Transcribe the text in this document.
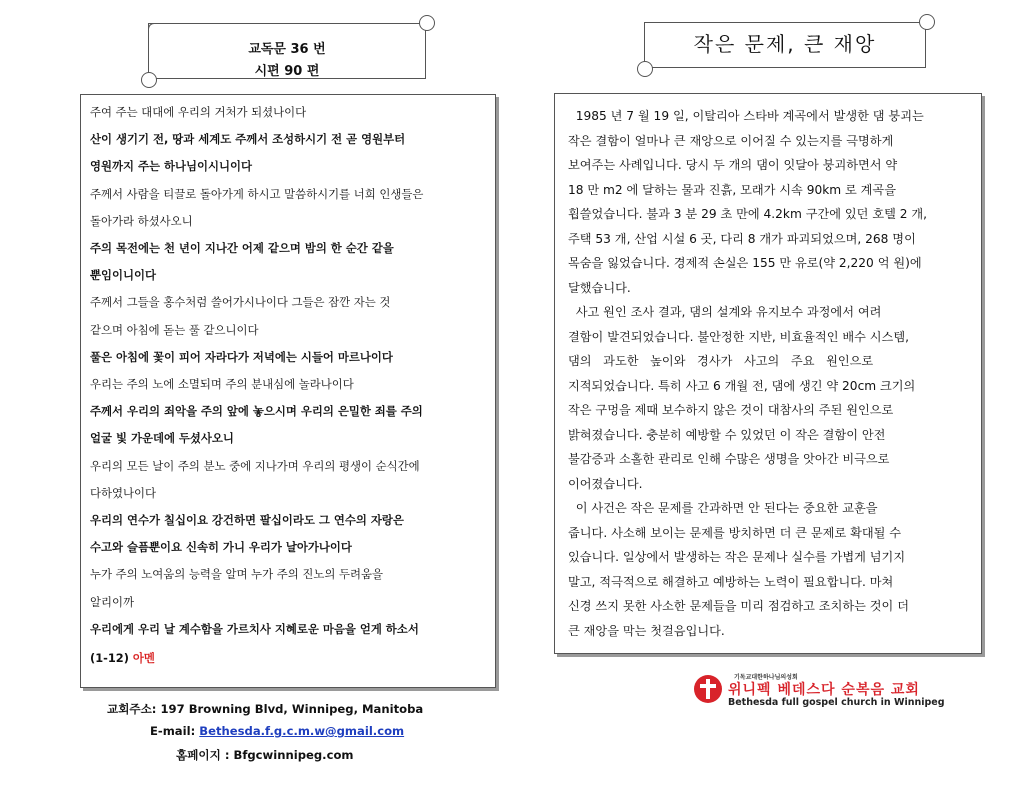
교독문 36 번
시편 90 편
작은 문제, 큰 재앙
주여 주는 대대에 우리의 거처가 되셨나이다
산이 생기기 전, 땅과 세계도 주께서 조성하시기 전 곧 영원부터
영원까지 주는 하나님이시니이다
주께서 사람을 티끌로 돌아가게 하시고 말씀하시기를 너희 인생들은
돌아가라 하셨사오니
주의 목전에는 천 년이 지나간 어제 같으며 밤의 한 순간 같을
뿐임이니이다
주께서 그들을 홍수처럼 쓸어가시나이다 그들은 잠깐 자는 것
같으며 아침에 돋는 풀 같으니이다
풀은 아침에 꽃이 피어 자라다가 저녁에는 시들어 마르나이다
우리는 주의 노에 소멸되며 주의 분내심에 놀라나이다
주께서 우리의 죄악을 주의 앞에 놓으시며 우리의 은밀한 죄를 주의
얼굴 빛 가운데에 두셨사오니
우리의 모든 날이 주의 분노 중에 지나가며 우리의 평생이 순식간에
다하였나이다
우리의 연수가 칠십이요 강건하면 팔십이라도 그 연수의 자랑은
수고와 슬픔뿐이요 신속히 가니 우리가 날아가나이다
누가 주의 노여움의 능력을 알며 누가 주의 진노의 두려움을
알리이까
우리에게 우리 날 계수함을 가르치사 지혜로운 마음을 얻게 하소서
(1-12) 아멘
1985 년 7 월 19 일, 이탈리아 스타바 계곡에서 발생한 댐 붕괴는
작은 결함이 얼마나 큰 재앙으로 이어질 수 있는지를 극명하게
보여주는 사례입니다. 당시 두 개의 댐이 잇달아 붕괴하면서 약
18 만 m2 에 달하는 물과 진흙, 모래가 시속 90km 로 계곡을
휩쓸었습니다. 불과 3 분 29 초 만에 4.2km 구간에 있던 호텔 2 개,
주택 53 개, 산업 시설 6 곳, 다리 8 개가 파괴되었으며, 268 명이
목숨을 잃었습니다. 경제적 손실은 155 만 유로(약 2,220 억 원)에
달했습니다.
사고 원인 조사 결과, 댐의 설계와 유지보수 과정에서 여려
결함이 발견되었습니다. 불안정한 지반, 비효율적인 배수 시스템,
댐의   과도한   높이와   경사가   사고의   주요   원인으로
지적되었습니다. 특히 사고 6 개월 전, 댐에 생긴 약 20cm 크기의
작은 구멍을 제때 보수하지 않은 것이 대참사의 주된 원인으로
밝혀졌습니다. 충분히 예방할 수 있었던 이 작은 결함이 안전
불감증과 소홀한 관리로 인해 수많은 생명을 앗아간 비극으로
이어졌습니다.
이 사건은 작은 문제를 간과하면 안 된다는 중요한 교훈을
줍니다. 사소해 보이는 문제를 방치하면 더 큰 문제로 확대될 수
있습니다. 일상에서 발생하는 작은 문제나 실수를 가볍게 넘기지
말고, 적극적으로 해결하고 예방하는 노력이 필요합니다. 마쳐
신경 쓰지 못한 사소한 문제들을 미리 점검하고 조치하는 것이 더
큰 재앙을 막는 첫걸음입니다.
교회주소: 197 Browning Blvd, Winnipeg, Manitoba
E-mail: Bethesda.f.g.c.m.w@gmail.com
홈페이지 : Bfgcwinnipeg.com
기독교대한하나님의성회
위니펙 베데스다 순복음 교회
Bethesda full gospel church in Winnipeg
